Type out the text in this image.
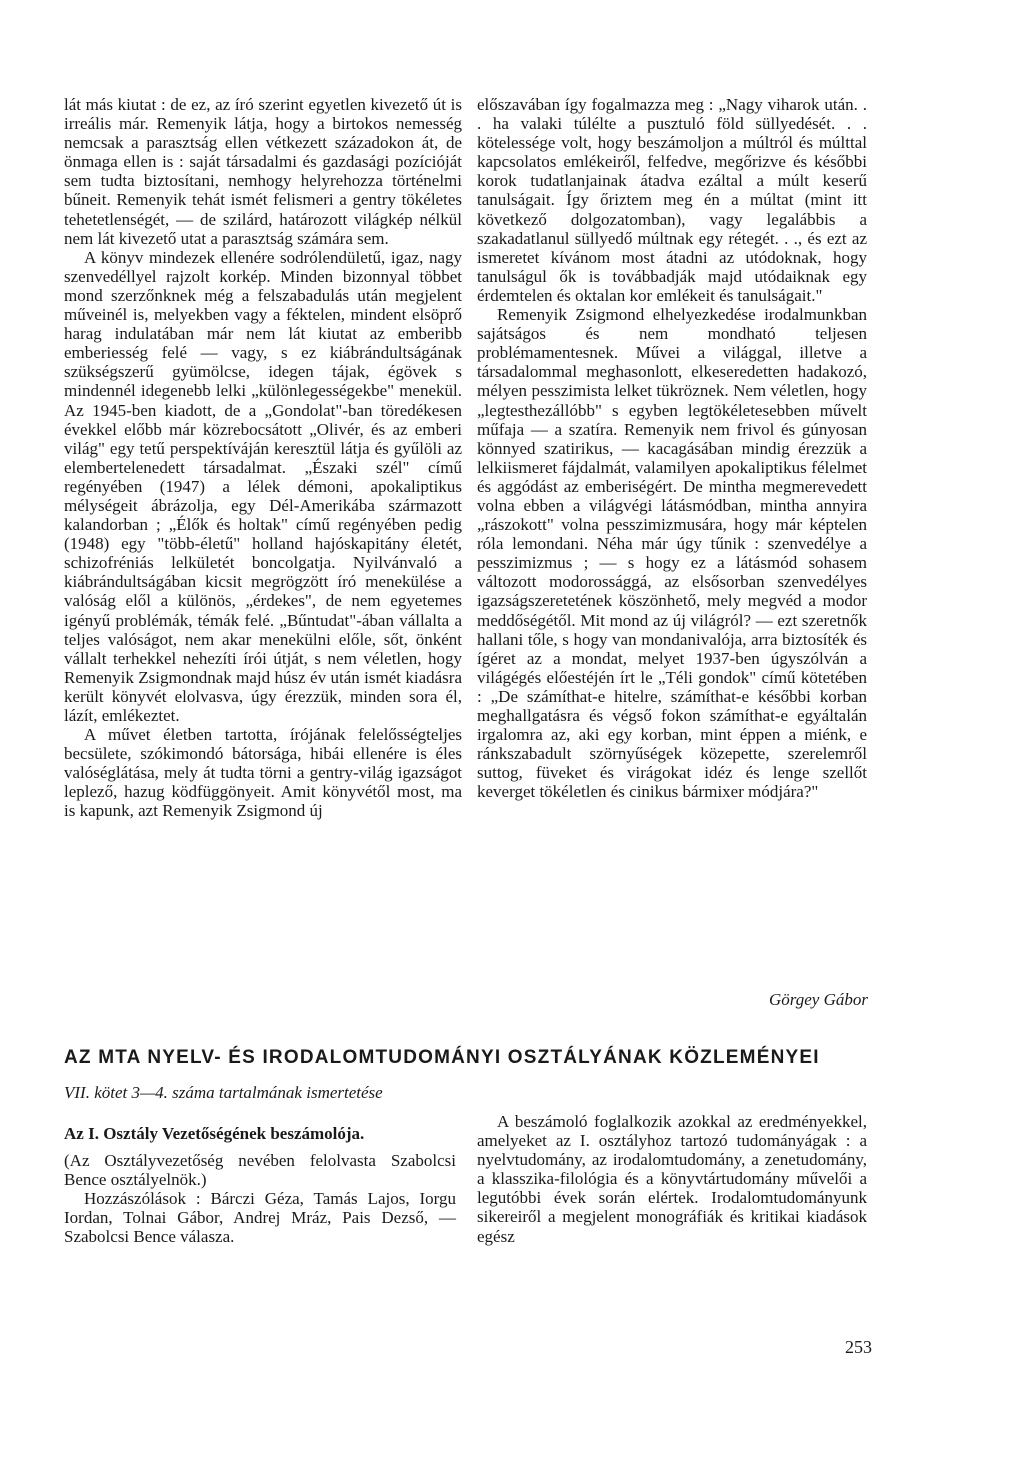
lát más kiutat : de ez, az író szerint egyetlen kivezető út is irreális már. Remenyik látja, hogy a birtokos nemesség nemcsak a parasztság ellen vétkezett századokon át, de önmaga ellen is : saját társadalmi és gazdasági pozícióját sem tudta biztosítani, nemhogy helyrehozza történelmi bűneit. Remenyik tehát ismét felismeri a gentry tökéletes tehetetlenségét, — de szilárd, határozott világkép nélkül nem lát kivezető utat a parasztság számára sem.

A könyv mindezek ellenére sodrólendületű, igaz, nagy szenvedéllyel rajzolt korkép. Minden bizonnyal többet mond szerzőnknek még a felszabadulás után megjelent műveinél is, melyekben vagy a féktelen, mindent elsöprő harag indulatában már nem lát kiutat az emberibb emberiesség felé — vagy, s ez kiábrándultságának szükségszerű gyümölcse, idegen tájak, égövek s mindennél idegenebb lelki „különlegességekbe" menekül. Az 1945-ben kiadott, de a „Gondolat"-ban töredékesen évekkel előbb már közrebocsátott „Olivér, és az emberi világ" egy tetű perspektíváján keresztül látja és gyűlöli az elembertelenedett társadalmat. „Északi szél" című regényében (1947) a lélek démoni, apokaliptikus mélységeit ábrázolja, egy Dél-Amerikába származott kalandorban ; „Élők és holtak" című regényében pedig (1948) egy "több-életű" holland hajóskapitány életét, schizofréniás lelkületét boncolgatja. Nyilvánvaló a kiábrándultságában kicsit megrögzött író menekülése a valóság elől a különös, „érdekes", de nem egyetemes igényű problémák, témák felé. „Bűntudat"-ában vállalta a teljes valóságot, nem akar menekülni előle, sőt, önként vállalt terhekkel nehezíti írói útját, s nem véletlen, hogy Remenyik Zsigmondnak majd húsz év után ismét kiadásra került könyvét elolvasva, úgy érezzük, minden sora él, lázít, emlékeztet.

A művet életben tartotta, írójának felelősségteljes becsülete, szókimondó bátorsága, hibái ellenére is éles valóséglátása, mely át tudta törni a gentry-világ igazságot leplező, hazug ködfüggönyeit. Amit könyvétől most, ma is kapunk, azt Remenyik Zsigmond új

előszavában így fogalmazza meg : „Nagy viharok után. . . ha valaki túlélte a pusztuló föld süllyedését. . . kötelessége volt, hogy beszámoljon a múltról és múlttal kapcsolatos emlékeiről, felfedve, megőrizve és későbbi korok tudatlanjainak átadva ezáltal a múlt keserű tanulságait. Így őriztem meg én a múltat (mint itt következő dolgozatomban), vagy legalábbis a szakadatlanul süllyedő múltnak egy rétegét. . ., és ezt az ismeretet kívánom most átadni az utódoknak, hogy tanulságul ők is továbbadják majd utódaiknak egy érdemtelen és oktalan kor emlékeit és tanulságait."

Remenyik Zsigmond elhelyezkedése irodalmunkban sajátságos és nem mondható teljesen problémamentesnek. Művei a világgal, illetve a társadalommal meghasonlott, elkeseredetten hadakozó, mélyen pesszimista lelket tükröznek. Nem véletlen, hogy „legtesthezállóbb" s egyben legtökéletesebben művelt műfaja — a szatíra. Remenyik nem frivol és gúnyosan könnyed szatirikus, — kacagásában mindig érezzük a lelkiismeret fájdalmát, valamilyen apokaliptikus félelmet és aggódást az emberiségért. De mintha megmerevedett volna ebben a világvégi látásmódban, mintha annyira „rászokott" volna pesszimizmusára, hogy már képtelen róla lemondani. Néha már úgy tűnik : szenvedélye a pesszimizmus ; — s hogy ez a látásmód sohasem változott modorossággá, az elsősorban szenvedélyes igazságszeretetének köszönhető, mely megvéd a modor meddőségétől. Mit mond az új világról? — ezt szeretnők hallani tőle, s hogy van mondanivalója, arra biztosíték és ígéret az a mondat, melyet 1937-ben úgyszólván a világégés előestéjén írt le „Téli gondok" című kötetében : „De számíthat-e hitelre, számíthat-e későbbi korban meghallgatásra és végső fokon számíthat-e egyáltalán irgalomra az, aki egy korban, mint éppen a miénk, e ránkszabadult szörnyűségek közepette, szerelemről suttog, füveket és virágokat idéz és lenge szellőt keverget tökéletlen és cinikus bármixer módjára?"

Görgey Gábor
AZ MTA NYELV- ÉS IRODALOMTUDOMÁNYI OSZTÁLYÁNAK KÖZLEMÉNYEI
VII. kötet 3—4. száma tartalmának ismertetése

Az I. Osztály Vezetőségének beszámolója.

(Az Osztályvezetőség nevében felolvasta Szabolcsi Bence osztályelnök.)

Hozzászólások : Bárczi Géza, Tamás Lajos, Iorgu Iordan, Tolnai Gábor, Andrej Mráz, Pais Dezső, — Szabolcsi Bence válasza.

A beszámoló foglalkozik azokkal az eredményekkel, amelyeket az I. osztályhoz tartozó tudományágak : a nyelvtudomány, az irodalomtudomány, a zenetudomány, a klasszika-filológia és a könyvtártudomány művelői a legutóbbi évek során elértek. Irodalomtudományunk sikereiről a megjelent monográfiák és kritikai kiadások egész

253
